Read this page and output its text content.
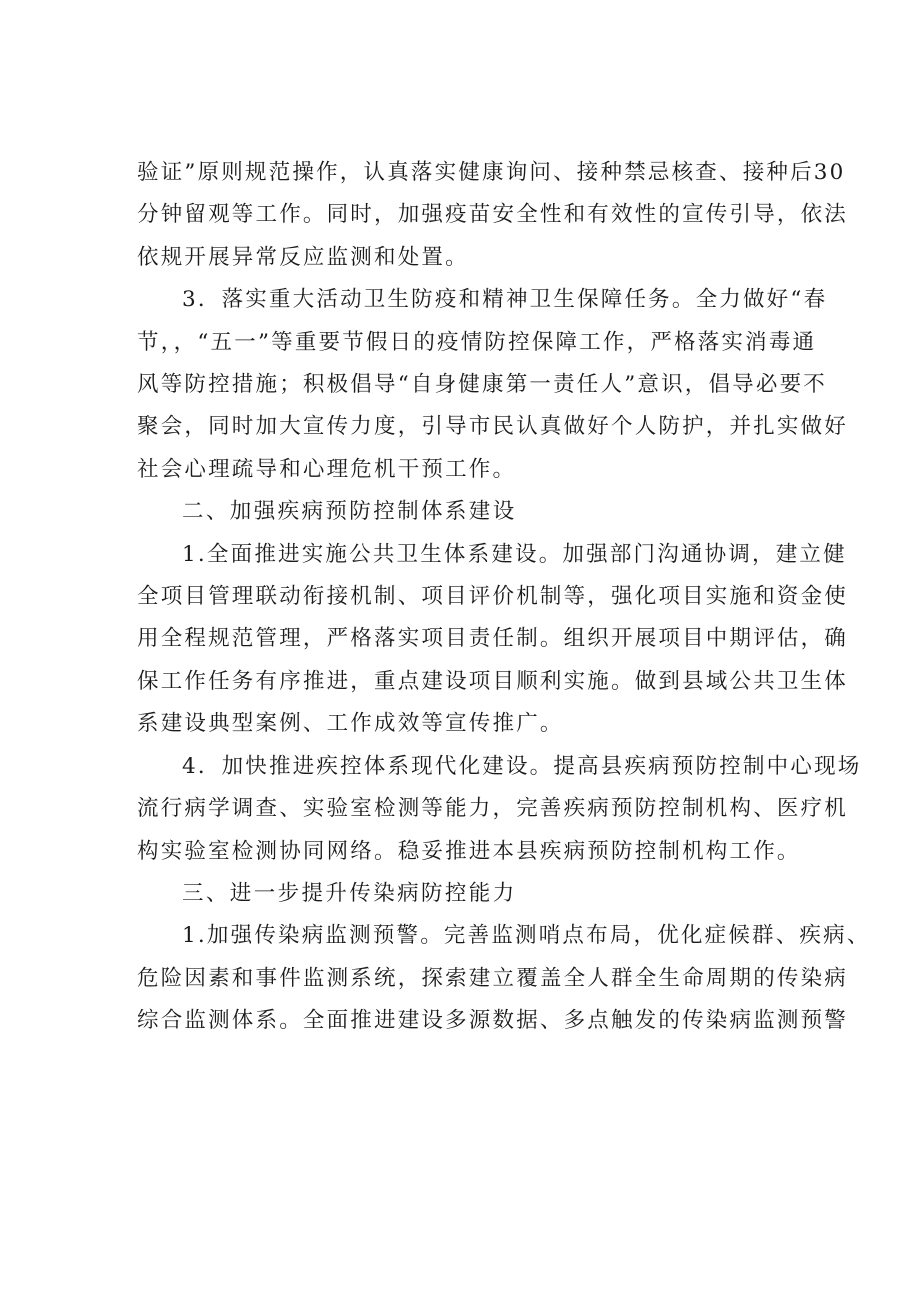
验证”原则规范操作，认真落实健康询问、接种禁忌核查、接种后30
分钟留观等工作。同时，加强疫苗安全性和有效性的宣传引导，依法
依规开展异常反应监测和处置。
3．落实重大活动卫生防疫和精神卫生保障任务。全力做好“春
节，，“五一”等重要节假日的疫情防控保障工作，严格落实消毒通
风等防控措施；积极倡导“自身健康第一责任人”意识，倡导必要不
聚会，同时加大宣传力度，引导市民认真做好个人防护，并扎实做好
社会心理疏导和心理危机干预工作。
二、加强疾病预防控制体系建设
1.全面推进实施公共卫生体系建设。加强部门沟通协调，建立健
全项目管理联动衔接机制、项目评价机制等，强化项目实施和资金使
用全程规范管理，严格落实项目责任制。组织开展项目中期评估，确
保工作任务有序推进，重点建设项目顺利实施。做到县域公共卫生体
系建设典型案例、工作成效等宣传推广。
4．加快推进疾控体系现代化建设。提高县疾病预防控制中心现场
流行病学调查、实验室检测等能力，完善疾病预防控制机构、医疗机
构实验室检测协同网络。稳妥推进本县疾病预防控制机构工作。
三、进一步提升传染病防控能力
1.加强传染病监测预警。完善监测哨点布局，优化症候群、疾病、
危险因素和事件监测系统，探索建立覆盖全人群全生命周期的传染病
综合监测体系。全面推进建设多源数据、多点触发的传染病监测预警
